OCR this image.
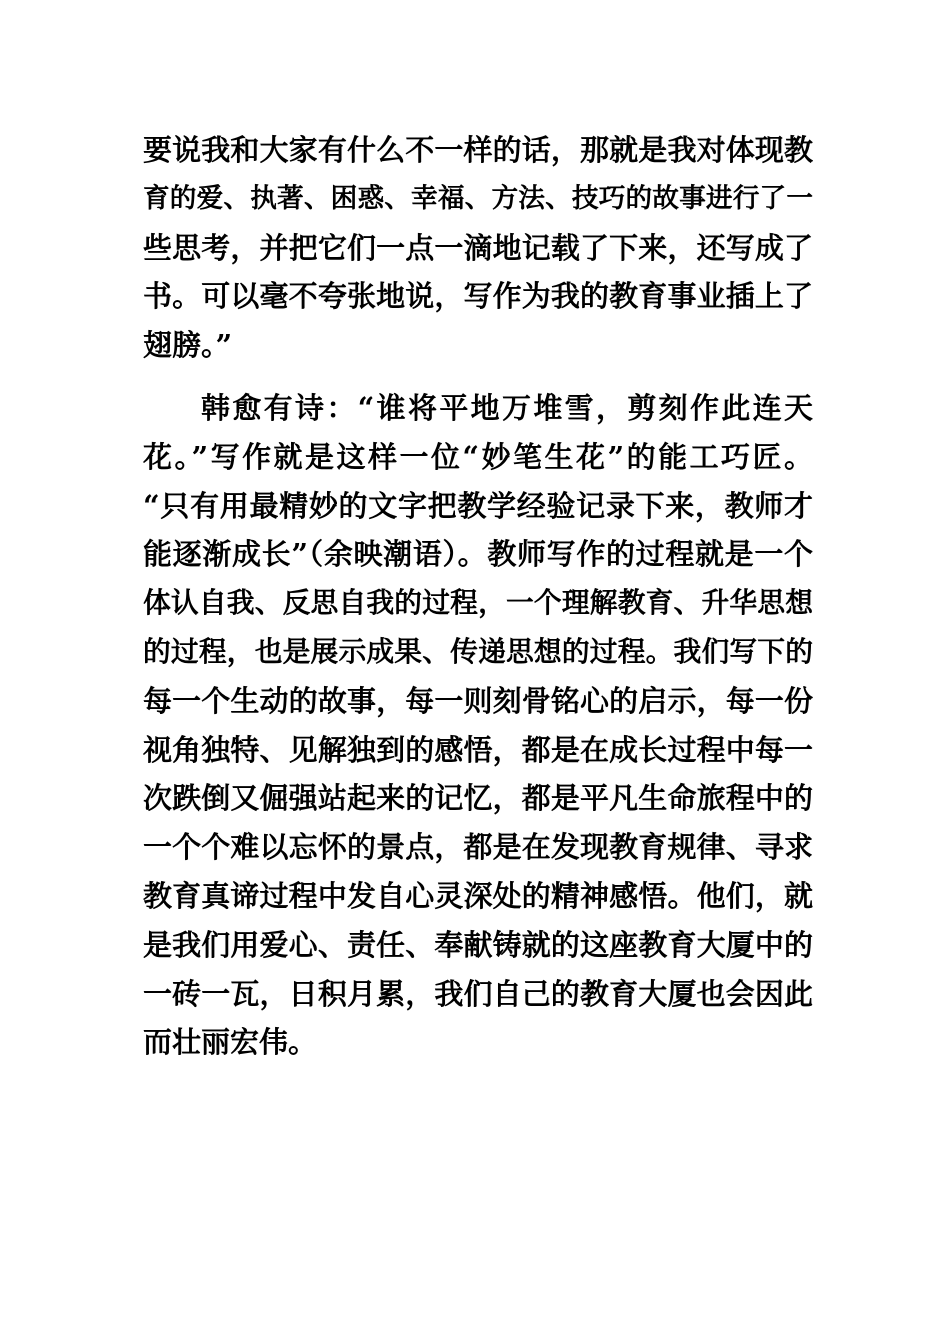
要说我和大家有什么不一样的话，那就是我对体现教
育的爱、执著、困惑、幸福、方法、技巧的故事进行了一
些思考，并把它们一点一滴地记载了下来，还写成了
书。可以毫不夸张地说，写作为我的教育事业插上了
翅膀。”
韩愈有诗：“谁将平地万堆雪，剪刻作此连天
花。”写作就是这样一位“妙笔生花”的能工巧匠。
“只有用最精妙的文字把教学经验记录下来，教师才
能逐渐成长”（余映潮语）。教师写作的过程就是一个
体认自我、反思自我的过程，一个理解教育、升华思想
的过程，也是展示成果、传递思想的过程。我们写下的
每一个生动的故事，每一则刻骨铭心的启示，每一份
视角独特、见解独到的感悟，都是在成长过程中每一
次跌倒又倔强站起来的记忆，都是平凡生命旅程中的
一个个难以忘怀的景点，都是在发现教育规律、寻求
教育真谛过程中发自心灵深处的精神感悟。他们，就
是我们用爱心、责任、奉献铸就的这座教育大厦中的
一砖一瓦，日积月累，我们自己的教育大厦也会因此
而壮丽宏伟。
